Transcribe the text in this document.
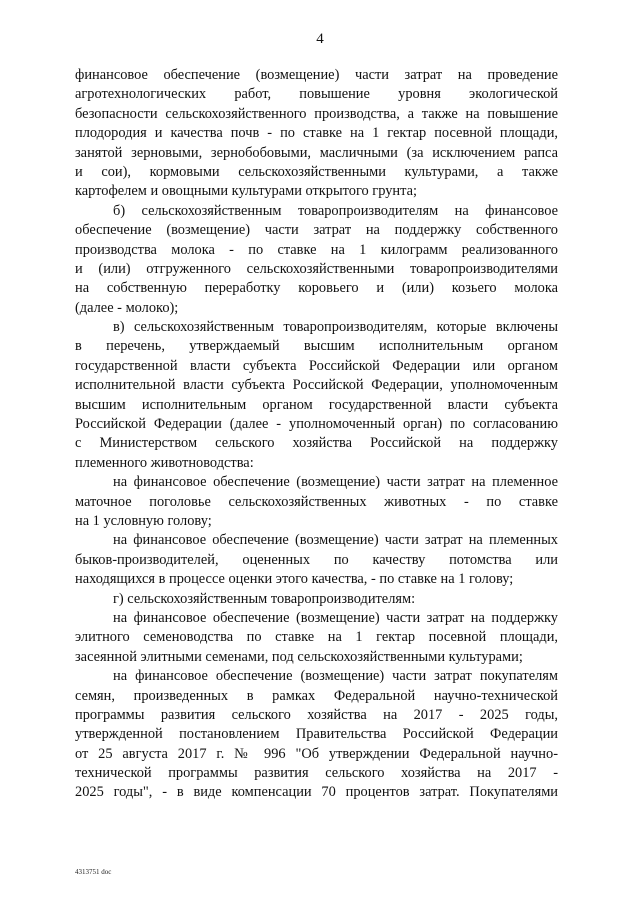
4
финансовое обеспечение (возмещение) части затрат на проведение
агротехнологических работ, повышение уровня экологической
безопасности сельскохозяйственного производства, а также на повышение
плодородия и качества почв - по ставке на 1 гектар посевной площади,
занятой зерновыми, зернобобовыми, масличными (за исключением рапса
и сои), кормовыми сельскохозяйственными культурами, а также
картофелем и овощными культурами открытого грунта;
б) сельскохозяйственным товаропроизводителям на финансовое
обеспечение (возмещение) части затрат на поддержку собственного
производства молока - по ставке на 1 килограмм реализованного
и (или) отгруженного сельскохозяйственными товаропроизводителями
на собственную переработку коровьего и (или) козьего молока
(далее - молоко);
в) сельскохозяйственным товаропроизводителям, которые включены
в перечень, утверждаемый высшим исполнительным органом
государственной власти субъекта Российской Федерации или органом
исполнительной власти субъекта Российской Федерации, уполномоченным
высшим исполнительным органом государственной власти субъекта
Российской Федерации (далее - уполномоченный орган) по согласованию
с Министерством сельского хозяйства Российской на поддержку
племенного животноводства:
на финансовое обеспечение (возмещение) части затрат на племенное
маточное поголовье сельскохозяйственных животных - по ставке
на 1 условную голову;
на финансовое обеспечение (возмещение) части затрат на племенных
быков-производителей, оцененных по качеству потомства или
находящихся в процессе оценки этого качества, - по ставке на 1 голову;
г) сельскохозяйственным товаропроизводителям:
на финансовое обеспечение (возмещение) части затрат на поддержку
элитного семеноводства по ставке на 1 гектар посевной площади,
засеянной элитными семенами, под сельскохозяйственными культурами;
на финансовое обеспечение (возмещение) части затрат покупателям
семян, произведенных в рамках Федеральной научно-технической
программы развития сельского хозяйства на 2017 - 2025 годы,
утвержденной постановлением Правительства Российской Федерации
от 25 августа 2017 г. № 996 "Об утверждении Федеральной научно-
технической программы развития сельского хозяйства на 2017 -
2025 годы", - в виде компенсации 70 процентов затрат. Покупателями
4313751 doc
